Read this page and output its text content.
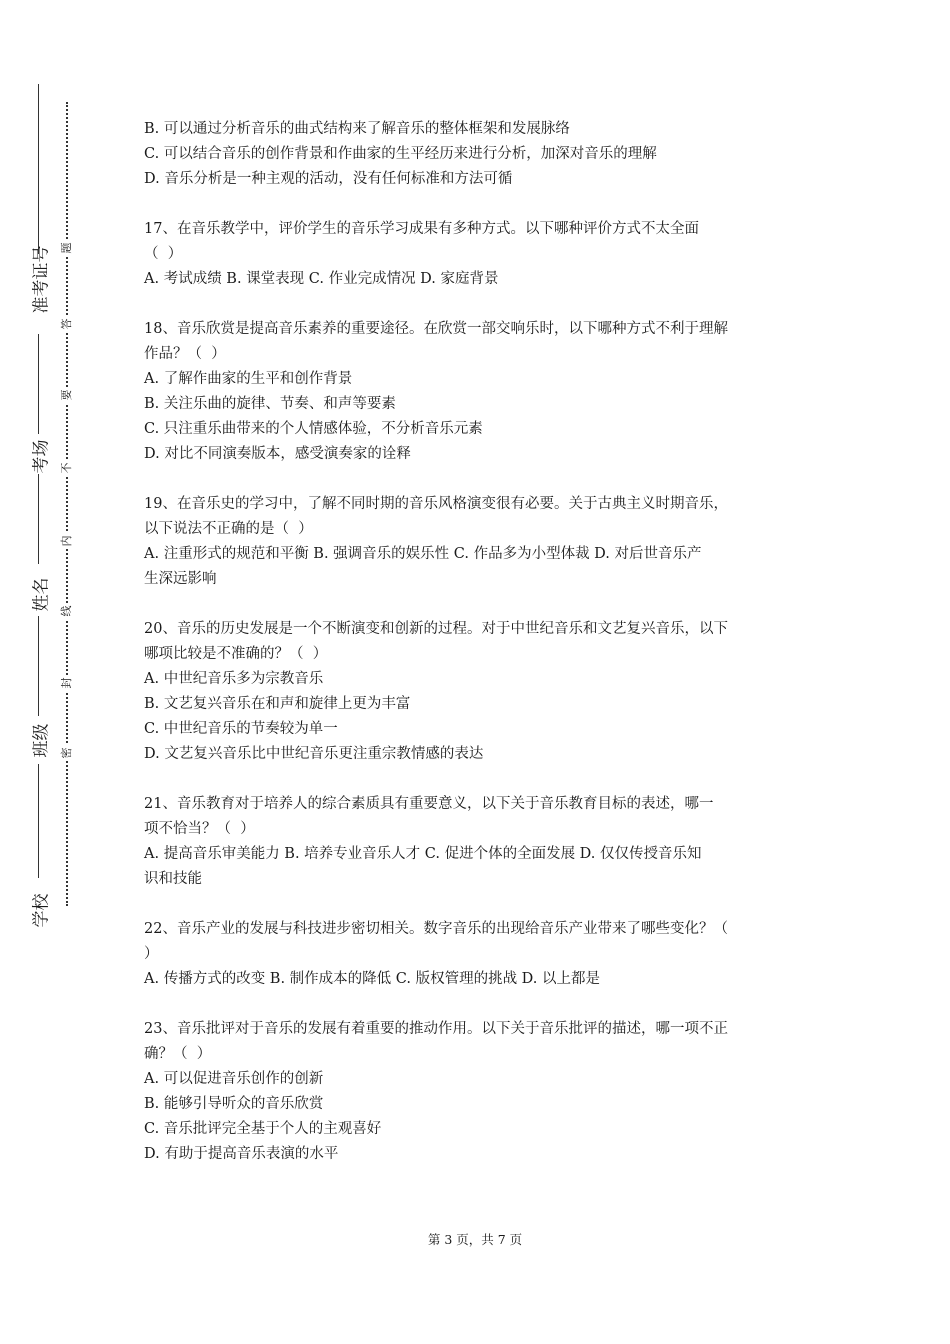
准考证号
考场
姓名
班级
学校
题
答
要
不
内
线
封
密
B. 可以通过分析音乐的曲式结构来了解音乐的整体框架和发展脉络
C. 可以结合音乐的创作背景和作曲家的生平经历来进行分析，加深对音乐的理解
D. 音乐分析是一种主观的活动，没有任何标准和方法可循
17、在音乐教学中，评价学生的音乐学习成果有多种方式。以下哪种评价方式不太全面
（  ）
A. 考试成绩 B. 课堂表现 C. 作业完成情况 D. 家庭背景
18、音乐欣赏是提高音乐素养的重要途径。在欣赏一部交响乐时，以下哪种方式不利于理解
作品？（  ）
A. 了解作曲家的生平和创作背景
B. 关注乐曲的旋律、节奏、和声等要素
C. 只注重乐曲带来的个人情感体验，不分析音乐元素
D. 对比不同演奏版本，感受演奏家的诠释
19、在音乐史的学习中，了解不同时期的音乐风格演变很有必要。关于古典主义时期音乐，
以下说法不正确的是（  ）
A. 注重形式的规范和平衡 B. 强调音乐的娱乐性 C. 作品多为小型体裁 D. 对后世音乐产
生深远影响
20、音乐的历史发展是一个不断演变和创新的过程。对于中世纪音乐和文艺复兴音乐，以下
哪项比较是不准确的？（  ）
A. 中世纪音乐多为宗教音乐
B. 文艺复兴音乐在和声和旋律上更为丰富
C. 中世纪音乐的节奏较为单一
D. 文艺复兴音乐比中世纪音乐更注重宗教情感的表达
21、音乐教育对于培养人的综合素质具有重要意义，以下关于音乐教育目标的表述，哪一
项不恰当？（  ）
A. 提高音乐审美能力 B. 培养专业音乐人才 C. 促进个体的全面发展 D. 仅仅传授音乐知
识和技能
22、音乐产业的发展与科技进步密切相关。数字音乐的出现给音乐产业带来了哪些变化？（
）
A. 传播方式的改变 B. 制作成本的降低 C. 版权管理的挑战 D. 以上都是
23、音乐批评对于音乐的发展有着重要的推动作用。以下关于音乐批评的描述，哪一项不正
确？（  ）
A. 可以促进音乐创作的创新
B. 能够引导听众的音乐欣赏
C. 音乐批评完全基于个人的主观喜好
D. 有助于提高音乐表演的水平
第 3 页，共 7 页
